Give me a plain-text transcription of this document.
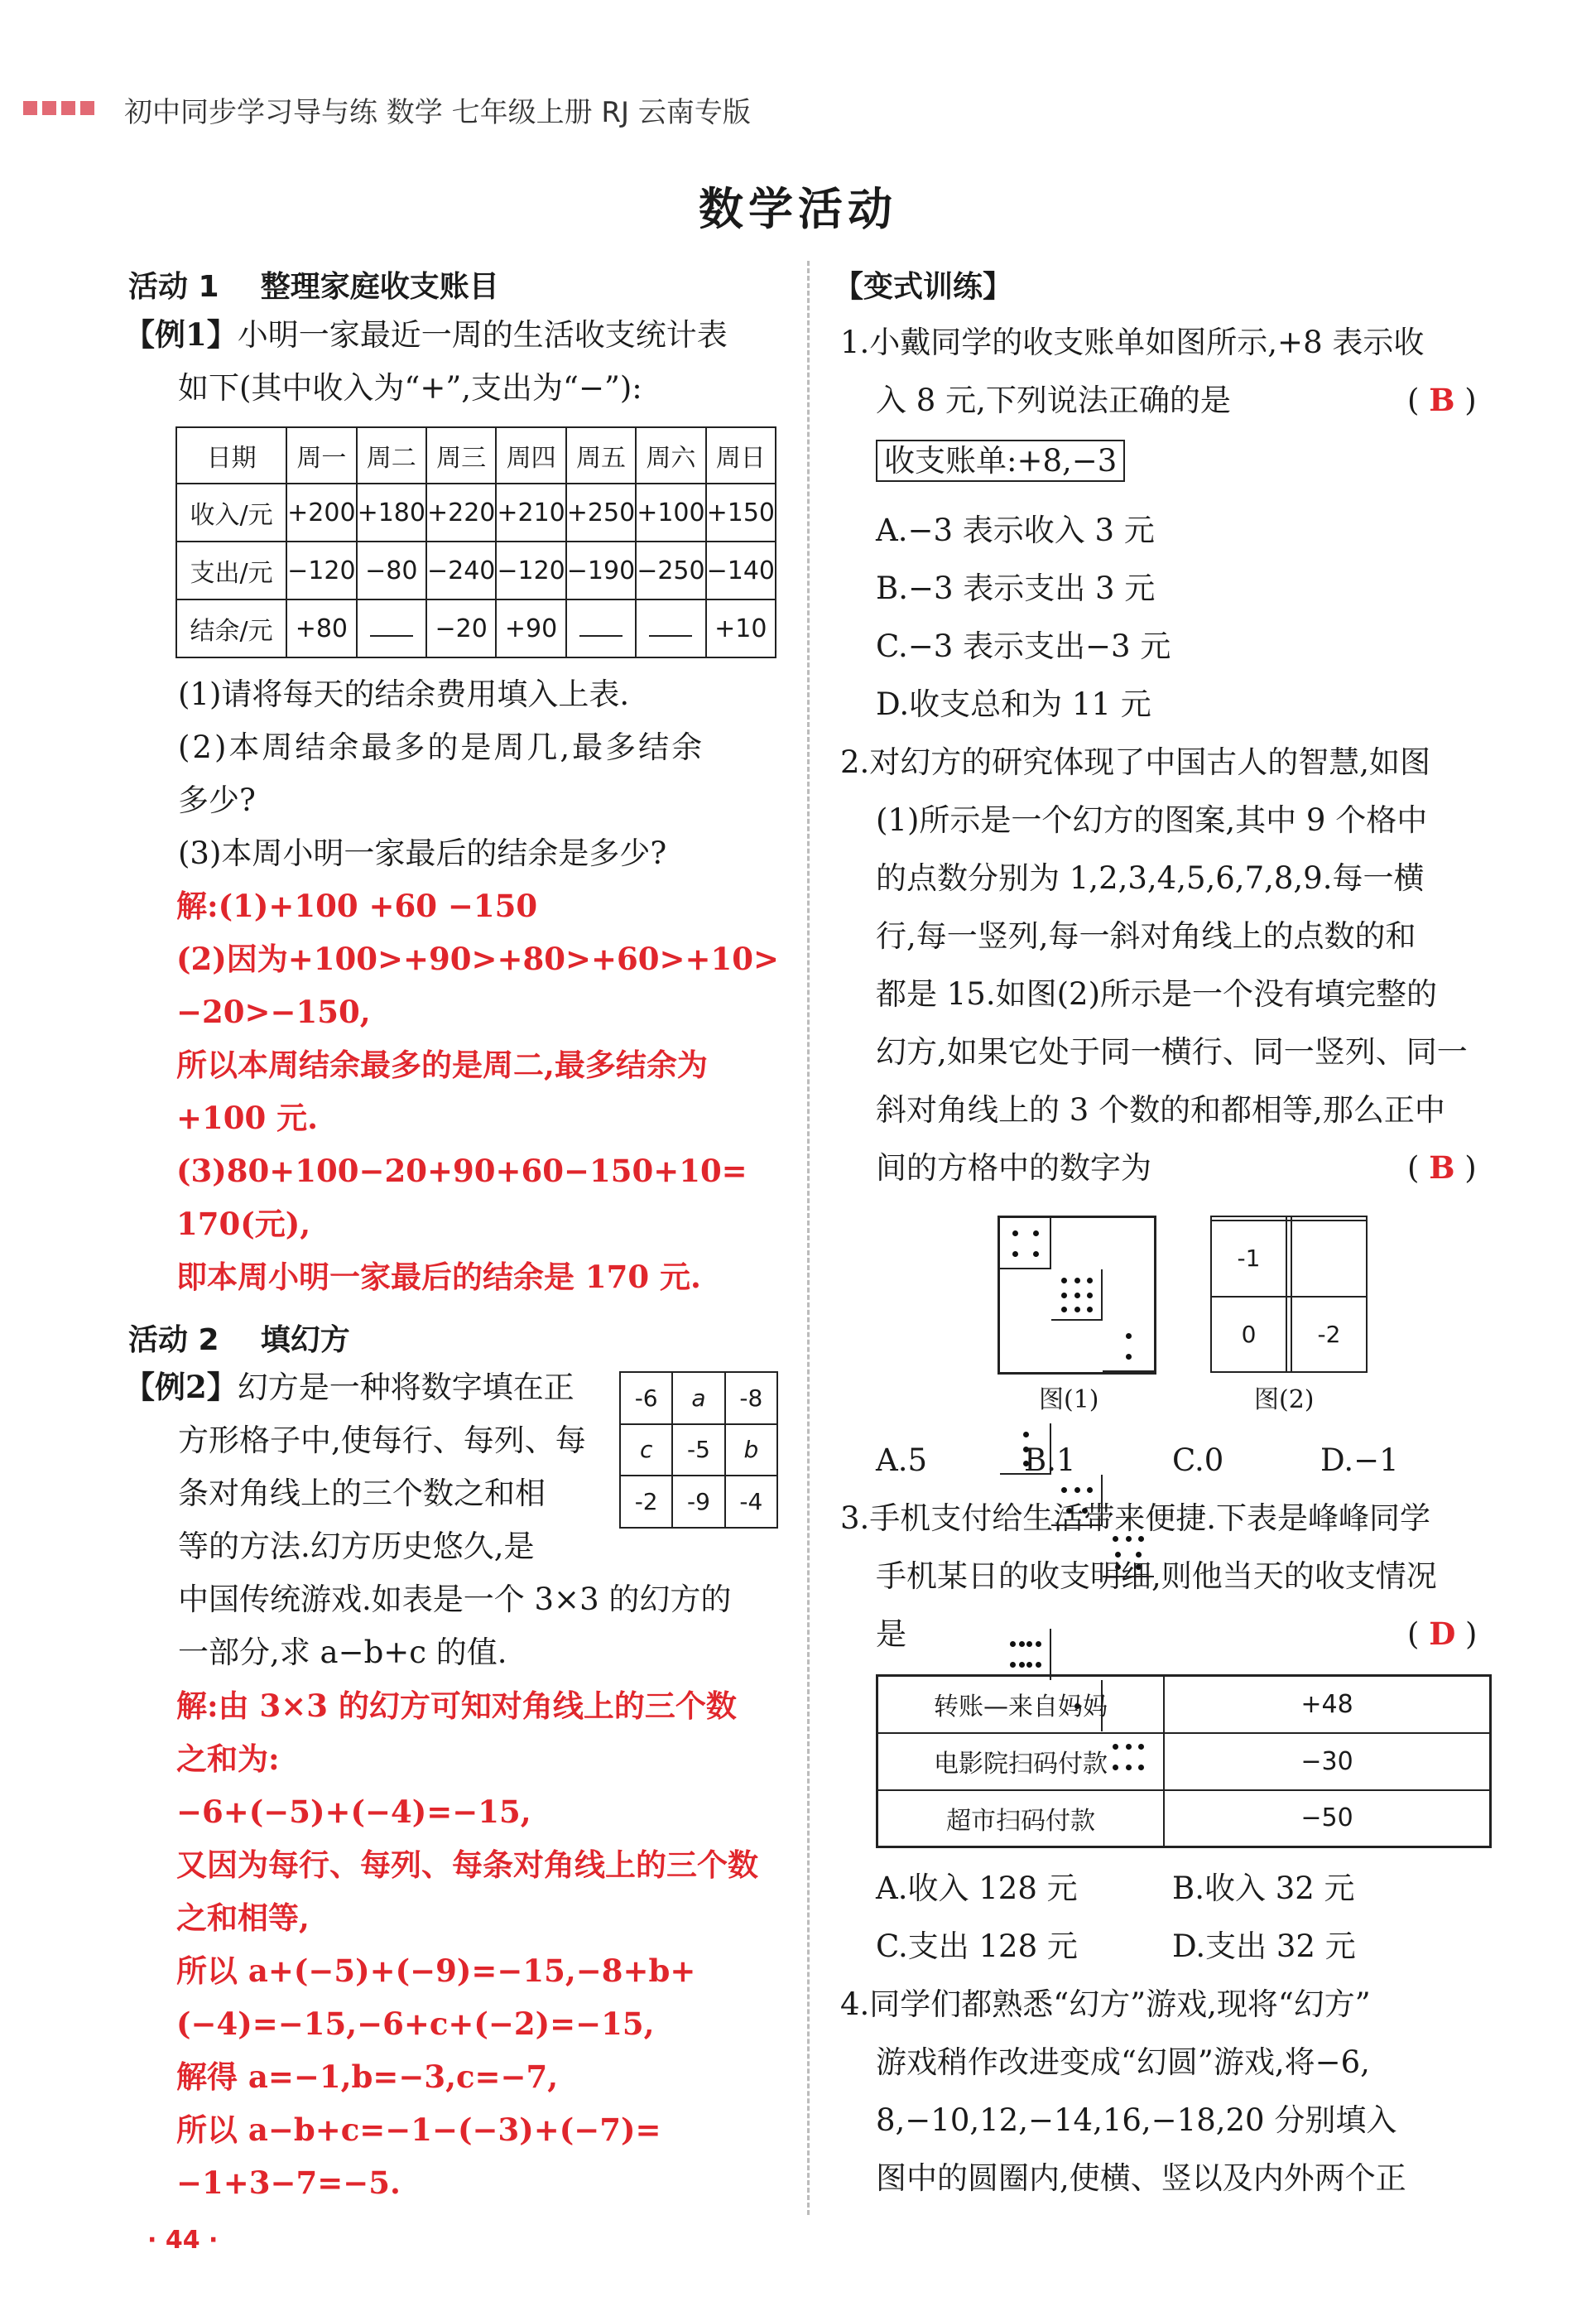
初中同步学习导与练 数学 七年级上册 RJ 云南专版
数学活动
活动 1 整理家庭收支账目
【例1】小明一家最近一周的生活收支统计表
如下(其中收入为“+”,支出为“−”):
日期	周一	周二	周三	周四	周五	周六	周日
收入/元	+200	+180	+220	+210	+250	+100	+150
支出/元	−120	−80	−240	−120	−190	−250	−140
结余/元	+80		−20	+90			+10
(1)请将每天的结余费用填入上表.
(2)本周结余最多的是周几,最多结余
多少?
(3)本周小明一家最后的结余是多少?
解:(1)+100 +60 −150
(2)因为+100>+90>+80>+60>+10>
−20>−150,
所以本周结余最多的是周二,最多结余为
+100 元.
(3)80+100−20+90+60−150+10=
170(元),
即本周小明一家最后的结余是 170 元.
活动 2 填幻方
【例2】幻方是一种将数字填在正
方形格子中,使每行、每列、每
条对角线上的三个数之和相
等的方法.幻方历史悠久,是
中国传统游戏.如表是一个 3×3 的幻方的
一部分,求 a−b+c 的值.
-6	a	-8
c	-5	b
-2	-9	-4
解:由 3×3 的幻方可知对角线上的三个数
之和为:
−6+(−5)+(−4)=−15,
又因为每行、每列、每条对角线上的三个数
之和相等,
所以 a+(−5)+(−9)=−15,−8+b+
(−4)=−15,−6+c+(−2)=−15,
解得 a=−1,b=−3,c=−7,
所以 a−b+c=−1−(−3)+(−7)=
−1+3−7=−5.
· 44 ·
【变式训练】
1.小戴同学的收支账单如图所示,+8 表示收
入 8 元,下列说法正确的是	( B )
收支账单:+8,−3
A.−3 表示收入 3 元
B.−3 表示支出 3 元
C.−3 表示支出−3 元
D.收支总和为 11 元
2.对幻方的研究体现了中国古人的智慧,如图
(1)所示是一个幻方的图案,其中 9 个格中
的点数分别为 1,2,3,4,5,6,7,8,9.每一横
行,每一竖列,每一斜对角线上的点数的和
都是 15.如图(2)所示是一个没有填完整的
幻方,如果它处于同一横行、同一竖列、同一
斜对角线上的 3 个数的和都相等,那么正中
间的方格中的数字为	( B )
图(1)

-1		
0		-2
图(2)
A.5	B.1	C.0	D.−1
3.手机支付给生活带来便捷.下表是峰峰同学
手机某日的收支明细,则他当天的收支情况
是	( D )
转账—来自妈妈	+48
电影院扫码付款	−30
超市扫码付款	−50
A.收入 128 元	B.收入 32 元
C.支出 128 元	D.支出 32 元
4.同学们都熟悉“幻方”游戏,现将“幻方”
游戏稍作改进变成“幻圆”游戏,将−6,
8,−10,12,−14,16,−18,20 分别填入
图中的圆圈内,使横、竖以及内外两个正
